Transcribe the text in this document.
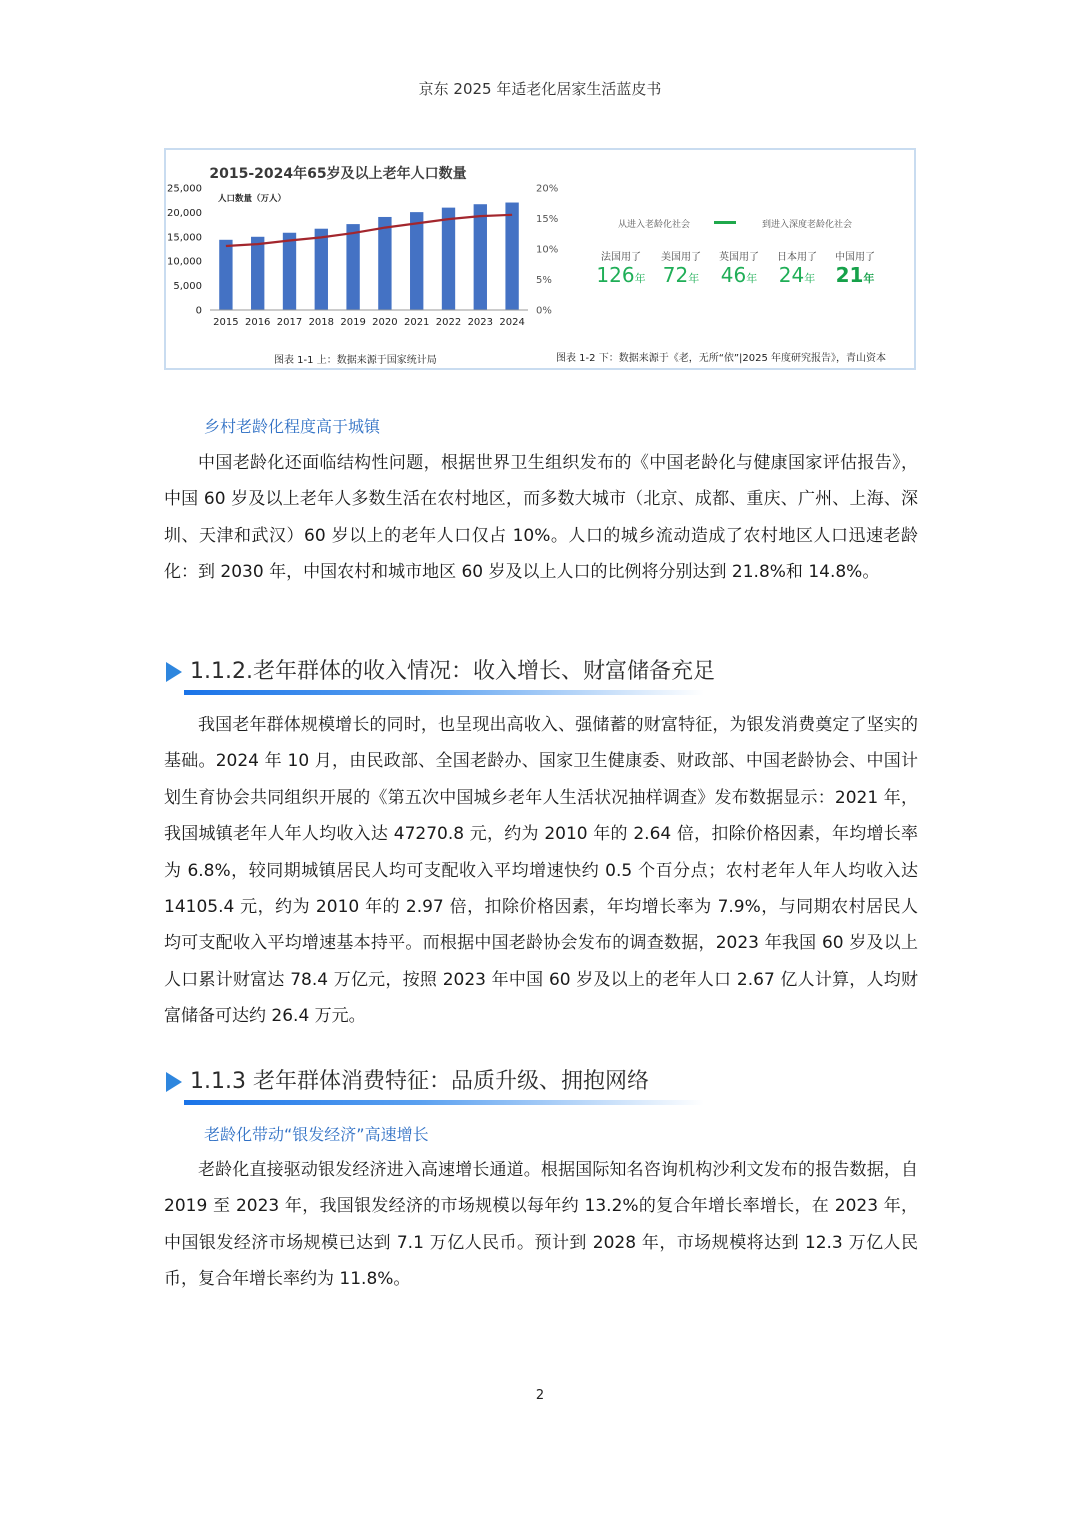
京东 2025 年适老化居家生活蓝皮书
2015-2024年65岁及以上老年人口数量
人口数量（万人）
0
5,000
10,000
15,000
20,000
25,000
0%
5%
10%
15%
20%
2015 2016 2017 2018 2019 2020 2021 2022 2023 2024
图表 1-1 上：数据来源于国家统计局	图表 1-2 下：数据来源于《老，无所“依”|2025 年度研究报告》，青山资本
从进入老龄化社会	到进入深度老龄化社会
法国用了
126年
美国用了
72年
英国用了
46年
日本用了
24年
中国用了
21年
乡村老龄化程度高于城镇

中国老龄化还面临结构性问题，根据世界卫生组织发布的《中国老龄化与健康国家评估报告》，中国 60 岁及以上老年人多数生活在农村地区，而多数大城市（北京、成都、重庆、广州、上海、深圳、天津和武汉）60 岁以上的老年人口仅占 10%。人口的城乡流动造成了农村地区人口迅速老龄化：到 2030 年，中国农村和城市地区 60 岁及以上人口的比例将分别达到 21.8%和 14.8%。

1.1.2.老年群体的收入情况：收入增长、财富储备充足

我国老年群体规模增长的同时，也呈现出高收入、强储蓄的财富特征，为银发消费奠定了坚实的基础。2024 年 10 月，由民政部、全国老龄办、国家卫生健康委、财政部、中国老龄协会、中国计划生育协会共同组织开展的《第五次中国城乡老年人生活状况抽样调查》发布数据显示：2021 年，我国城镇老年人年人均收入达 47270.8 元，约为 2010 年的 2.64 倍，扣除价格因素，年均增长率为 6.8%，较同期城镇居民人均可支配收入平均增速快约 0.5 个百分点；农村老年人年人均收入达 14105.4 元，约为 2010 年的 2.97 倍，扣除价格因素，年均增长率为 7.9%，与同期农村居民人均可支配收入平均增速基本持平。而根据中国老龄协会发布的调查数据，2023 年我国 60 岁及以上人口累计财富达 78.4 万亿元，按照 2023 年中国 60 岁及以上的老年人口 2.67 亿人计算，人均财富储备可达约 26.4 万元。

1.1.3 老年群体消费特征：品质升级、拥抱网络
老龄化带动“银发经济”高速增长

老龄化直接驱动银发经济进入高速增长通道。根据国际知名咨询机构沙利文发布的报告数据，自 2019 至 2023 年，我国银发经济的市场规模以每年约 13.2%的复合年增长率增长，在 2023 年，中国银发经济市场规模已达到 7.1 万亿人民币。预计到 2028 年，市场规模将达到 12.3 万亿人民币，复合年增长率约为 11.8%。

2
